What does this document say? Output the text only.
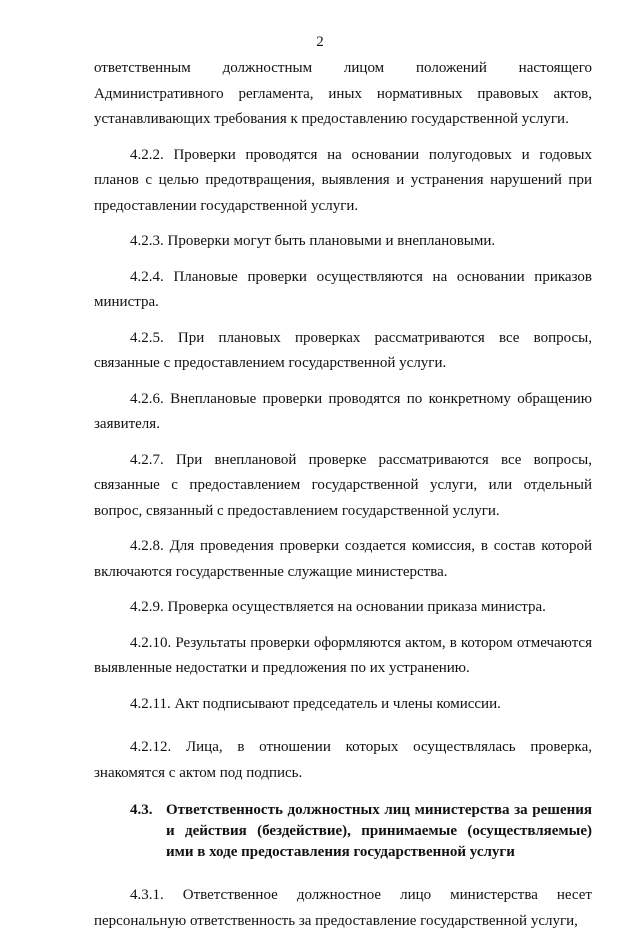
2

ответственным должностным лицом положений настоящего Административного регламента, иных нормативных правовых актов, устанавливающих требования к предоставлению государственной услуги.

4.2.2. Проверки проводятся на основании полугодовых и годовых планов с целью предотвращения, выявления и устранения нарушений при предоставлении государственной услуги.

4.2.3. Проверки могут быть плановыми и внеплановыми.

4.2.4. Плановые проверки осуществляются на основании приказов министра.

4.2.5. При плановых проверках рассматриваются все вопросы, связанные с предоставлением государственной услуги.

4.2.6. Внеплановые проверки проводятся по конкретному обращению заявителя.

4.2.7. При внеплановой проверке рассматриваются все вопросы, связанные с предоставлением государственной услуги, или отдельный вопрос, связанный с предоставлением государственной услуги.

4.2.8. Для проведения проверки создается комиссия, в состав которой включаются государственные служащие министерства.

4.2.9. Проверка осуществляется на основании приказа министра.

4.2.10. Результаты проверки оформляются актом, в котором отмечаются выявленные недостатки и предложения по их устранению.

4.2.11. Акт подписывают председатель и члены комиссии.

4.2.12. Лица, в отношении которых осуществлялась проверка, знакомятся с актом под подпись.

4.3. Ответственность должностных лиц министерства за решения и действия (бездействие), принимаемые (осуществляемые) ими в ходе предоставления государственной услуги

4.3.1. Ответственное должностное лицо министерства несет персональную ответственность за предоставление государственной услуги,
